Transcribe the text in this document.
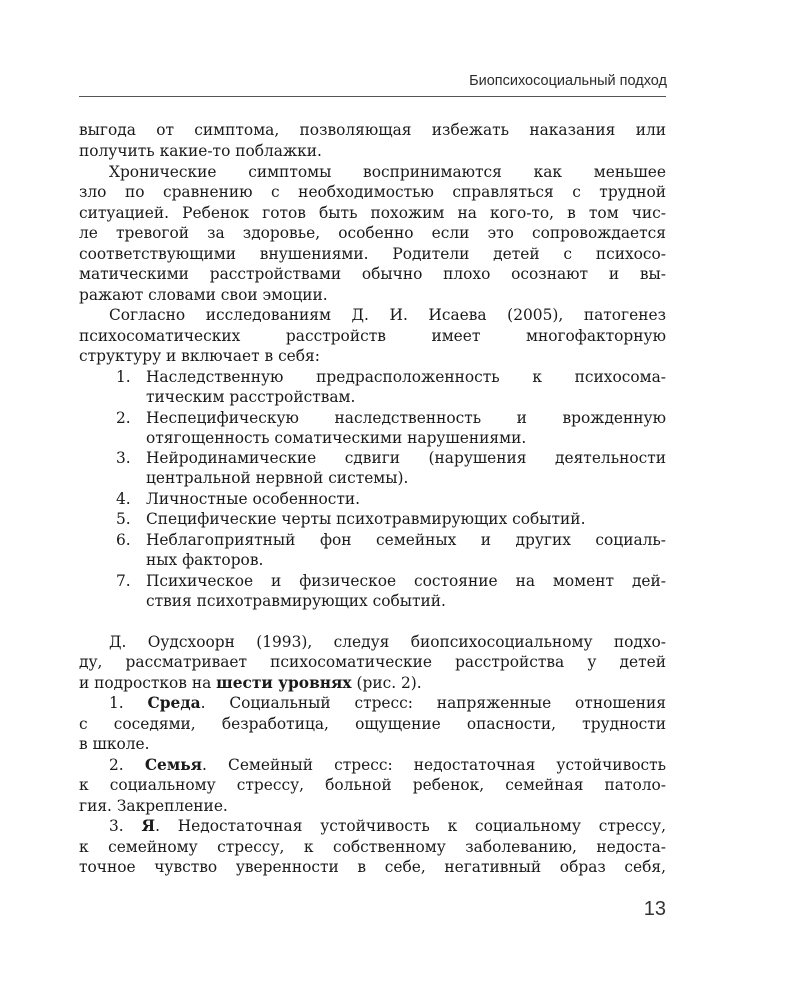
Биопсихосоциальный подход
выгода от симптома, позволяющая избежать наказания или
получить какие-то поблажки.
Хронические симптомы воспринимаются как меньшее
зло по сравнению с необходимостью справляться с трудной
ситуацией. Ребенок готов быть похожим на кого-то, в том чис-
ле тревогой за здоровье, особенно если это сопровождается
соответствующими внушениями. Родители детей с психосо-
матическими расстройствами обычно плохо осознают и вы-
ражают словами свои эмоции.
Согласно исследованиям Д. И. Исаева (2005), патогенез
психосоматических расстройств имеет многофакторную
структуру и включает в себя:
1. Наследственную предрасположенность к психосома-
тическим расстройствам.
2. Неспецифическую наследственность и врожденную
отягощенность соматическими нарушениями.
3. Нейродинамические сдвиги (нарушения деятельности
центральной нервной системы).
4. Личностные особенности.
5. Специфические черты психотравмирующих событий.
6. Неблагоприятный фон семейных и других социаль-
ных факторов.
7. Психическое и физическое состояние на момент дей-
ствия психотравмирующих событий.
Д. Оудсхоорн (1993), следуя биопсихосоциальному подхо-
ду, рассматривает психосоматические расстройства у детей
и подростков на шести уровнях (рис. 2).
1. Среда. Социальный стресс: напряженные отношения
с соседями, безработица, ощущение опасности, трудности
в школе.
2. Семья. Семейный стресс: недостаточная устойчивость
к социальному стрессу, больной ребенок, семейная патоло-
гия. Закрепление.
3. Я. Недостаточная устойчивость к социальному стрессу,
к семейному стрессу, к собственному заболеванию, недоста-
точное чувство уверенности в себе, негативный образ себя,
13
